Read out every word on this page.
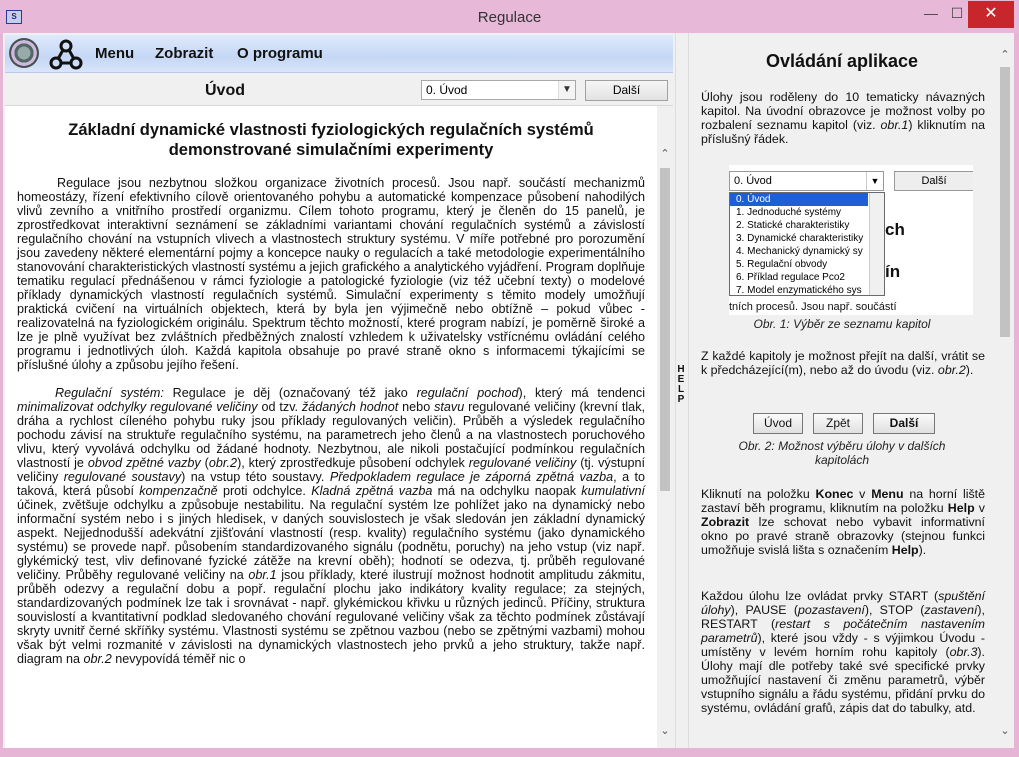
S	Regulace	— ☐	✕
Menu Zobrazit O programu
Úvod	0. Úvod	▼	Další
Základní dynamické vlastnosti fyziologických regulačních systémů
demonstrované simulačními experimenty

Regulace jsou nezbytnou složkou organizace životních procesů. Jsou např. součástí mechanizmů homeostázy, řízení efektivního cílově orientovaného pohybu a automatické kompenzace působení nahodilých vlivů zevního a vnitřního prostředí organizmu. Cílem tohoto programu, který je členěn do 15 panelů, je zprostředkovat interaktivní seznámení se základními variantami chování regulačních systémů a závislostí regulačního chování na vstupních vlivech a vlastnostech struktury systému. V míře potřebné pro porozumění jsou zavedeny některé elementární pojmy a koncepce nauky o regulacích a také metodologie experimentálního stanovování charakteristických vlastností systému a jejich grafického a analytického vyjádření. Program doplňuje tematiku regulací přednášenou v rámci fyziologie a patologické fyziologie (viz též učební texty) o modelové příklady dynamických vlastností regulačních systémů. Simulační experimenty s těmito modely umožňují praktická cvičení na virtuálních objektech, která by byla jen výjimečně nebo obtížně – pokud vůbec - realizovatelná na fyziologickém originálu. Spektrum těchto možností, které program nabízí, je poměrně široké a lze je plně využívat bez zvláštních předběžných znalostí vzhledem k uživatelsky vstřícnému ovládání celého programu i jednotlivých úloh. Každá kapitola obsahuje po pravé straně okno s informacemi týkajícími se příslušné úlohy a způsobu jejího řešení.

Regulační systém: Regulace je děj (označovaný též jako regulační pochod), který má tendenci minimalizovat odchylky regulované veličiny od tzv. žádaných hodnot nebo stavu regulované veličiny (krevní tlak, dráha a rychlost cíleného pohybu ruky jsou příklady regulovaných veličin). Průběh a výsledek regulačního pochodu závisí na struktuře regulačního systému, na parametrech jeho členů a na vlastnostech poruchového vlivu, který vyvolává odchylku od žádané hodnoty. Nezbytnou, ale nikoli postačující podmínkou regulačních vlastností je obvod zpětné vazby (obr.2), který zprostředkuje působení odchylek regulované veličiny (tj. výstupní veličiny regulované soustavy) na vstup této soustavy. Předpokladem regulace je záporná zpětná vazba, a to taková, která působí kompenzačně proti odchylce. Kladná zpětná vazba má na odchylku naopak kumulativní účinek, zvětšuje odchylku a způsobuje nestabilitu. Na regulační systém lze pohlížet jako na dynamický nebo informační systém nebo i s jiných hledisek, v daných souvislostech je však sledován jen základní dynamický aspekt. Nejjednodušší adekvátní zjišťování vlastností (resp. kvality) regulačního systému (jako dynamického systému) se provede např. působením standardizovaného signálu (podnětu, poruchy) na jeho vstup (viz např. glykémický test, vliv definované fyzické zátěže na krevní oběh); hodnotí se odezva, tj. průběh regulované veličiny. Průběhy regulované veličiny na obr.1 jsou příklady, které ilustrují možnost hodnotit amplitudu zákmitu, průběh odezvy a regulační dobu a popř. regulační plochu jako indikátory kvality regulace; za stejných, standardizovaných podmínek lze tak i srovnávat - např. glykémickou křivku u různých jedinců. Příčiny, struktura souvislostí a kvantitativní podklad sledovaného chování regulované veličiny však za těchto podmínek zůstávají skryty uvnitř černé skříňky systému. Vlastnosti systému se zpětnou vazbou (nebo se zpětnými vazbami) mohou však být velmi rozmanité v závislosti na dynamických vlastnostech jeho prvků a jeho struktury, takže např. diagram na obr.2 nevypovídá téměř nic o

⌃
⌄
H
E
L
P
Ovládání aplikace
Úlohy jsou roděleny do 10 tematicky návazných kapitol. Na úvodní obrazovce je možnost volby po rozbalení seznamu kapitol (viz. obr.1) kliknutím na příslušný řádek.
ch
ín
tních procesů. Jsou např. součástí
0. Úvod	▼	Další
0. Úvod
1. Jednoduché systémy
2. Statické charakteristiky
3. Dynamické charakteristiky
4. Mechanický dynamický sy
5. Regulační obvody
6. Příklad regulace Pco2
7. Model enzymatického sys
Obr. 1: Výběr ze seznamu kapitol
Z každé kapitoly je možnost přejít na další, vrátit se k předcházející(m), nebo až do úvodu (viz. obr.2).
Úvod	Zpět	Další
Obr. 2: Možnost výběru úlohy v dalších kapitolách
Kliknutí na položku Konec v Menu na horní liště zastaví běh programu, kliknutím na položku Help v Zobrazit lze schovat nebo vybavit informativní okno po pravé straně obrazovky (stejnou funkci umožňuje svislá lišta s označením Help).
Každou úlohu lze ovládat prvky START (spuštění úlohy), PAUSE (pozastavení), STOP (zastavení), RESTART (restart s počátečním nastavením parametrů), které jsou vždy - s výjimkou Úvodu - umístěny v levém horním rohu kapitoly (obr.3). Úlohy mají dle potřeby také své specifické prvky umožňující nastavení či změnu parametrů, výběr vstupního signálu a řádu systému, přidání prvku do systému, ovládání grafů, zápis dat do tabulky, atd.
⌃
⌄
